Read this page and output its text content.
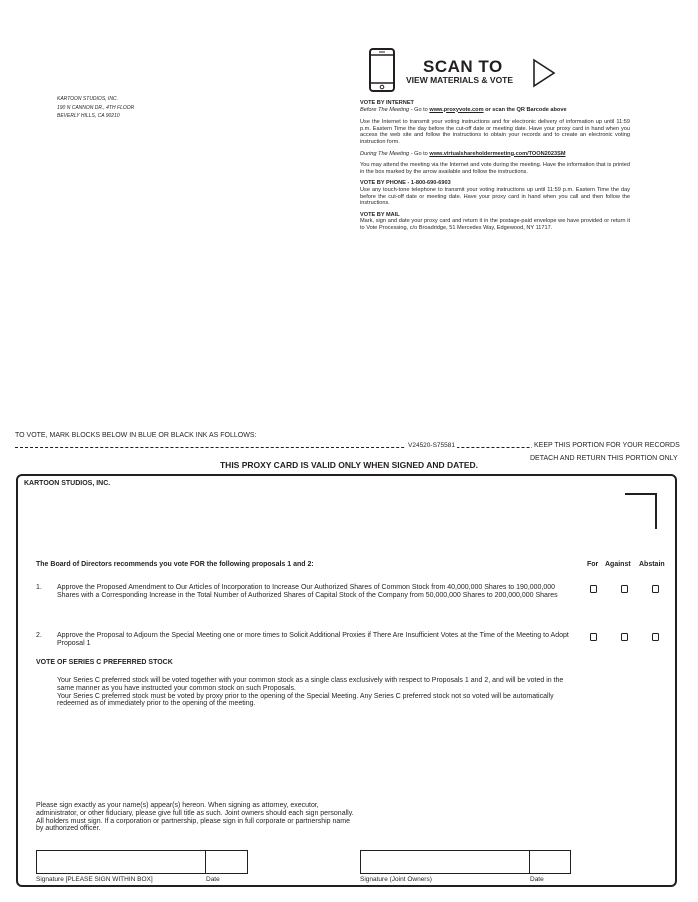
KARTOON STUDIOS, INC.
190 N CANNON DR., 4TH FLOOR
BEVERLY HILLS, CA 90210
SCAN TO
VIEW MATERIALS & VOTE

VOTE BY INTERNET
Before The Meeting - Go to www.proxyvote.com or scan the QR Barcode above

Use the Internet to transmit your voting instructions and for electronic delivery of information up until 11:59 p.m. Eastern Time the day before the cut-off date or meeting date. Have your proxy card in hand when you access the web site and follow the instructions to obtain your records and to create an electronic voting instruction form.

During The Meeting - Go to www.virtualshareholdermeeting.com/TOON2023SM

You may attend the meeting via the Internet and vote during the meeting. Have the information that is printed in the box marked by the arrow available and follow the instructions.

VOTE BY PHONE - 1-800-690-6903

Use any touch-tone telephone to transmit your voting instructions up until 11:59 p.m. Eastern Time the day before the cut-off date or meeting date. Have your proxy card in hand when you call and then follow the instructions.

VOTE BY MAIL

Mark, sign and date your proxy card and return it in the postage-paid envelope we have provided or return it to Vote Processing, c/o Broadridge, 51 Mercedes Way, Edgewood, NY 11717.

TO VOTE, MARK BLOCKS BELOW IN BLUE OR BLACK INK AS FOLLOWS:
V24520-S75581	KEEP THIS PORTION FOR YOUR RECORDS
DETACH AND RETURN THIS PORTION ONLY
THIS PROXY CARD IS VALID ONLY WHEN SIGNED AND DATED.
KARTOON STUDIOS, INC.
The Board of Directors recommends you vote FOR the following proposals 1 and 2:	For Against Abstain
1. Approve the Proposed Amendment to Our Articles of Incorporation to Increase Our Authorized Shares of Common Stock from 40,000,000 Shares to 190,000,000 Shares with a Corresponding Increase in the Total Number of Authorized Shares of Capital Stock of the Company from 50,000,000 Shares to 200,000,000 Shares
2. Approve the Proposal to Adjourn the Special Meeting one or more times to Solicit Additional Proxies if There Are Insufficient Votes at the Time of the Meeting to Adopt Proposal 1
VOTE OF SERIES C PREFERRED STOCK

Your Series C preferred stock will be voted together with your common stock as a single class exclusively with respect to Proposals 1 and 2, and will be voted in the same manner as you have instructed your common stock on such Proposals.

Your Series C preferred stock must be voted by proxy prior to the opening of the Special Meeting. Any Series C preferred stock not so voted will be automatically redeemed as of immediately prior to the opening of the meeting.

Please sign exactly as your name(s) appear(s) hereon. When signing as attorney, executor, administrator, or other fiduciary, please give full title as such. Joint owners should each sign personally. All holders must sign. If a corporation or partnership, please sign in full corporate or partnership name by authorized officer.
Signature [PLEASE SIGN WITHIN BOX]	Date	Signature (Joint Owners)	Date
